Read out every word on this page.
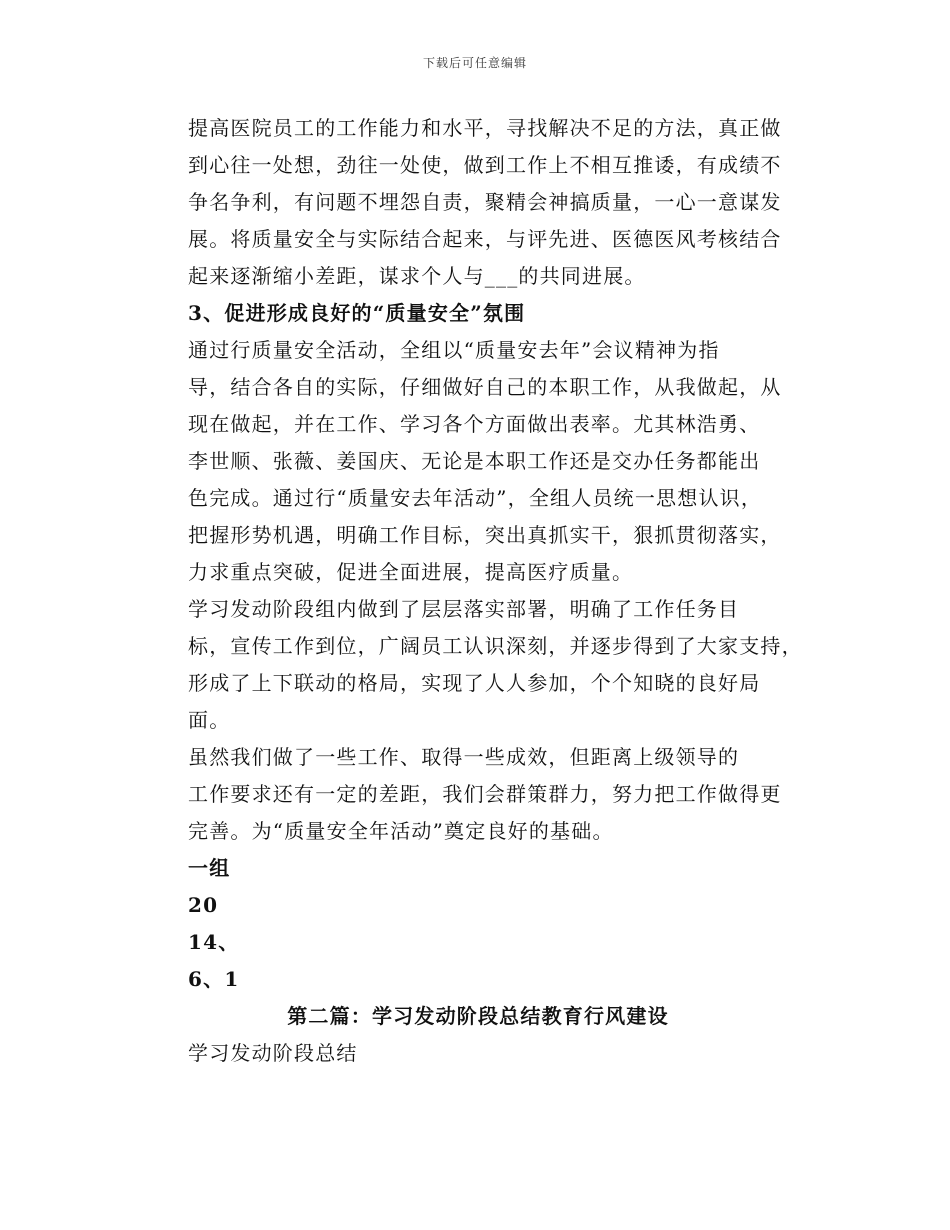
下载后可任意编辑
提高医院员工的工作能力和水平，寻找解决不足的方法，真正做
到心往一处想，劲往一处使，做到工作上不相互推诿，有成绩不
争名争利，有问题不埋怨自责，聚精会神搞质量，一心一意谋发
展。将质量安全与实际结合起来，与评先进、医德医风考核结合
起来逐渐缩小差距，谋求个人与___的共同进展。
3、促进形成良好的“质量安全”氛围
通过行质量安全活动，全组以“质量安去年”会议精神为指
导，结合各自的实际，仔细做好自己的本职工作，从我做起，从
现在做起，并在工作、学习各个方面做出表率。尤其林浩勇、
李世顺、张薇、姜国庆、无论是本职工作还是交办任务都能出
色完成。通过行“质量安去年活动”，全组人员统一思想认识，
把握形势机遇，明确工作目标，突出真抓实干，狠抓贯彻落实，
力求重点突破，促进全面进展，提高医疗质量。
学习发动阶段组内做到了层层落实部署，明确了工作任务目
标，宣传工作到位，广阔员工认识深刻，并逐步得到了大家支持，
形成了上下联动的格局，实现了人人参加，个个知晓的良好局
面。
虽然我们做了一些工作、取得一些成效，但距离上级领导的
工作要求还有一定的差距，我们会群策群力，努力把工作做得更
完善。为“质量安全年活动”奠定良好的基础。
一组
20
14、
6、1
第二篇：学习发动阶段总结教育行风建设
学习发动阶段总结
